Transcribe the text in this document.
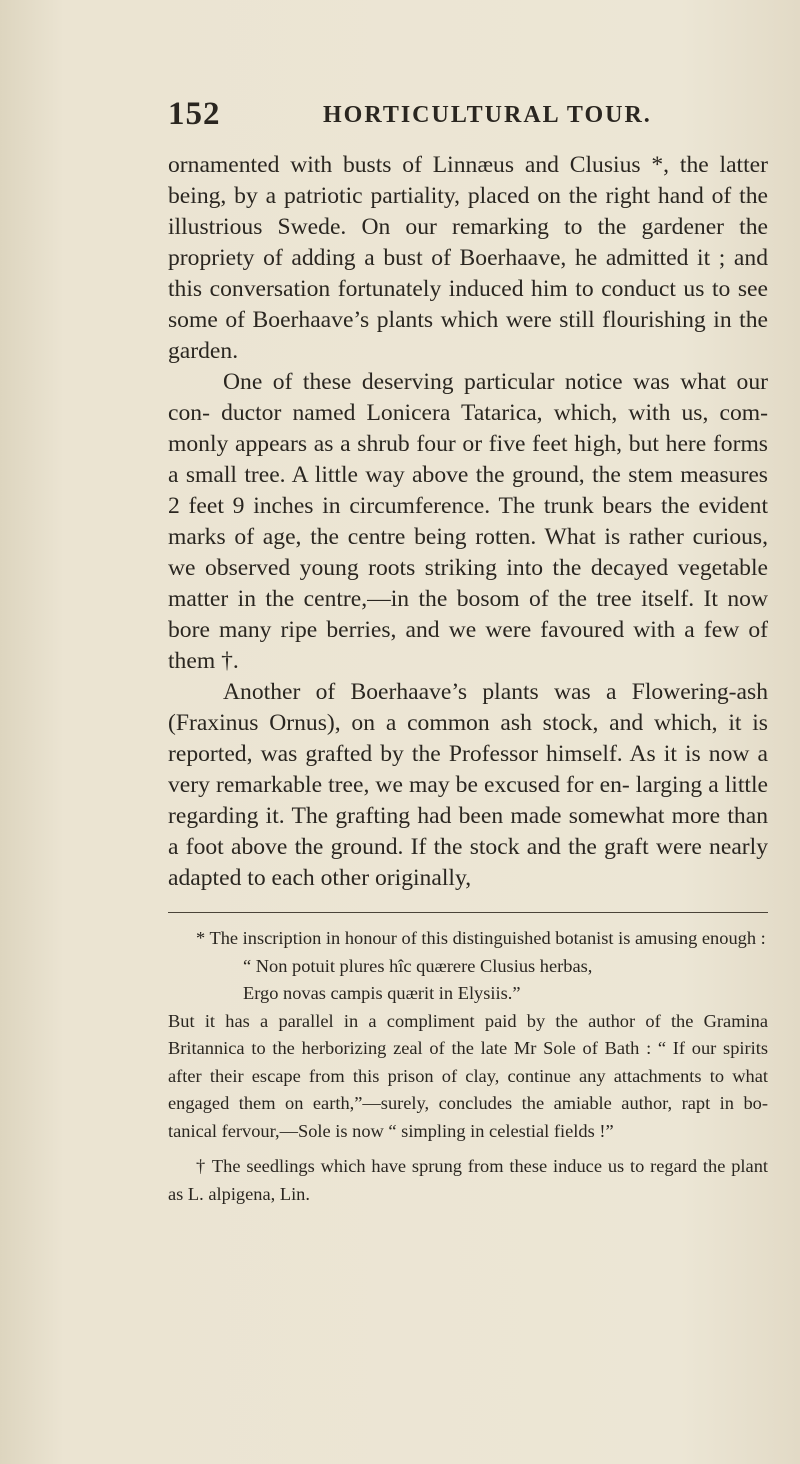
152	HORTICULTURAL TOUR.

ornamented with busts of Linnæus and Clusius *, the latter being, by a patriotic partiality, placed on the right hand of the illustrious Swede. On our remarking to the gardener the propriety of adding a bust of Boerhaave, he admitted it ; and this conversation fortunately induced him to conduct us to see some of Boerhaave’s plants which were still flourishing in the garden.

One of these deserving particular notice was what our con- ductor named Lonicera Tatarica, which, with us, com- monly appears as a shrub four or five feet high, but here forms a small tree. A little way above the ground, the stem measures 2 feet 9 inches in circumference. The trunk bears the evident marks of age, the centre being rotten. What is rather curious, we observed young roots striking into the decayed vegetable matter in the centre,—in the bosom of the tree itself. It now bore many ripe berries, and we were favoured with a few of them †.

Another of Boerhaave’s plants was a Flowering-ash (Fraxinus Ornus), on a common ash stock, and which, it is reported, was grafted by the Professor himself. As it is now a very remarkable tree, we may be excused for en- larging a little regarding it. The grafting had been made somewhat more than a foot above the ground. If the stock and the graft were nearly adapted to each other originally,

* The inscription in honour of this distinguished botanist is amusing enough :

“ Non potuit plures hîc quærere Clusius herbas,

Ergo novas campis quærit in Elysiis.”

But it has a parallel in a compliment paid by the author of the Gramina Britannica to the herborizing zeal of the late Mr Sole of Bath : “ If our spirits after their escape from this prison of clay, continue any attachments to what engaged them on earth,”—surely, concludes the amiable author, rapt in bo- tanical fervour,—Sole is now “ simpling in celestial fields !”

† The seedlings which have sprung from these induce us to regard the plant as L. alpigena, Lin.
